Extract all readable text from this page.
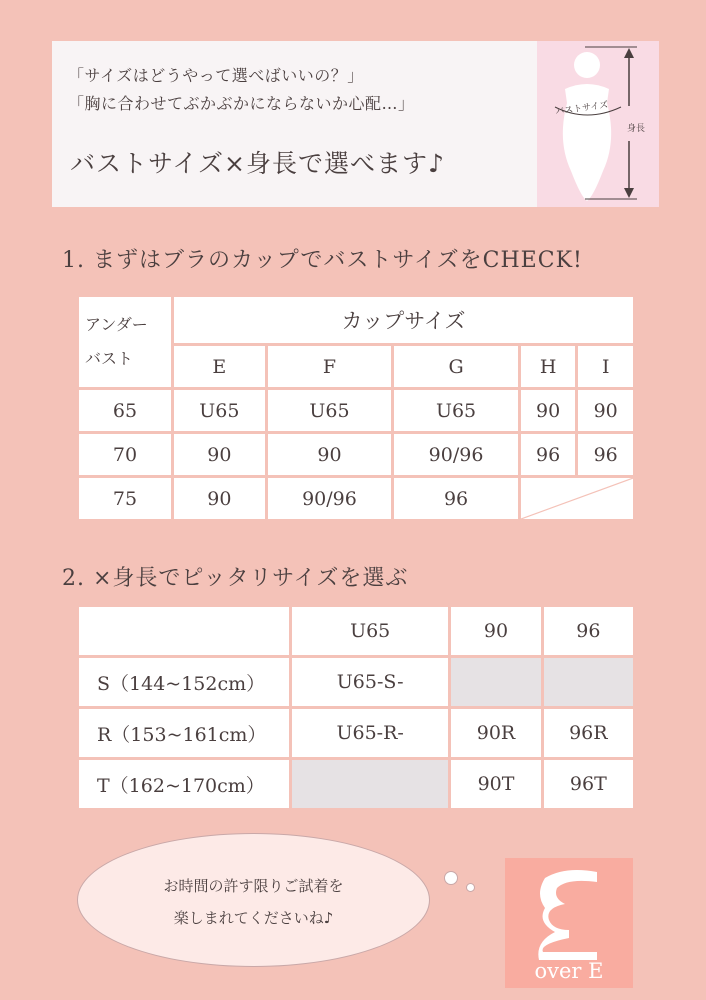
「サイズはどうやって選べばいいの？」
「胸に合わせてぶかぶかにならないか心配…」
バストサイズ×身長で選べます♪
バストサイズ
身長
1. まずはブラのカップでバストサイズをCHECK!
アンダー
バスト	カップサイズ				
	E	F	G	H	I
65	U65	U65	U65	90	90
70	90	90	90/96	96	96
75	90	90/96	96	
2. ×身長でピッタリサイズを選ぶ
	U65	90	96
S（144~152cm）	U65-S-		
R（153~161cm）	U65-R-	90R	96R
T（162~170cm）		90T	96T
お時間の許す限りご試着を
楽しまれてくださいね♪
over E
